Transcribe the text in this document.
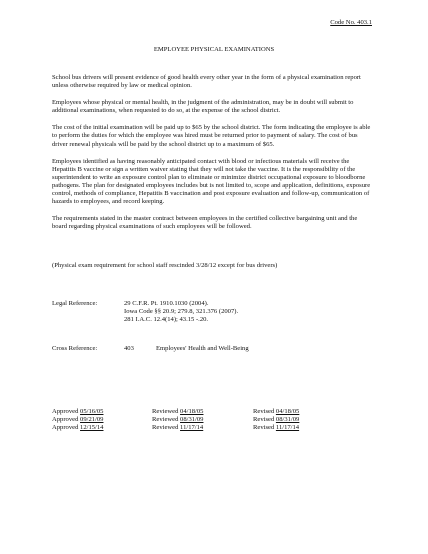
Code No. 403.1
EMPLOYEE PHYSICAL EXAMINATIONS

School bus drivers will present evidence of good health every other year in the form of a physical examination report unless otherwise required by law or medical opinion.

Employees whose physical or mental health, in the judgment of the administration, may be in doubt will submit to additional examinations, when requested to do so, at the expense of the school district.

The cost of the initial examination will be paid up to $65 by the school district. The form indicating the employee is able to perform the duties for which the employee was hired must be returned prior to payment of salary. The cost of bus driver renewal physicals will be paid by the school district up to a maximum of $65.

Employees identified as having reasonably anticipated contact with blood or infectious materials will receive the Hepatitis B vaccine or sign a written waiver stating that they will not take the vaccine. It is the responsibility of the superintendent to write an exposure control plan to eliminate or minimize district occupational exposure to bloodborne pathogens. The plan for designated employees includes but is not limited to, scope and application, definitions, exposure control, methods of compliance, Hepatitis B vaccination and post exposure evaluation and follow-up, communication of hazards to employees, and record keeping.

The requirements stated in the master contract between employees in the certified collective bargaining unit and the board regarding physical examinations of such employees will be followed.

(Physical exam requirement for school staff rescinded 3/28/12 except for bus drivers)
Legal Reference:	29 C.F.R. Pt. 1910.1030 (2004).
Iowa Code §§ 20.9; 279.8, 321.376 (2007).
281 I.A.C. 12.4(14); 43.15 -.20.
Cross Reference:	403	Employees' Health and Well-Being
Approved 05/16/05	Reviewed 04/18/05	Revised 04/18/05
Approved 09/21/09	Reviewed 08/31/09	Revised 08/31/09
Approved 12/15/14	Reviewed 11/17/14	Revised 11/17/14
